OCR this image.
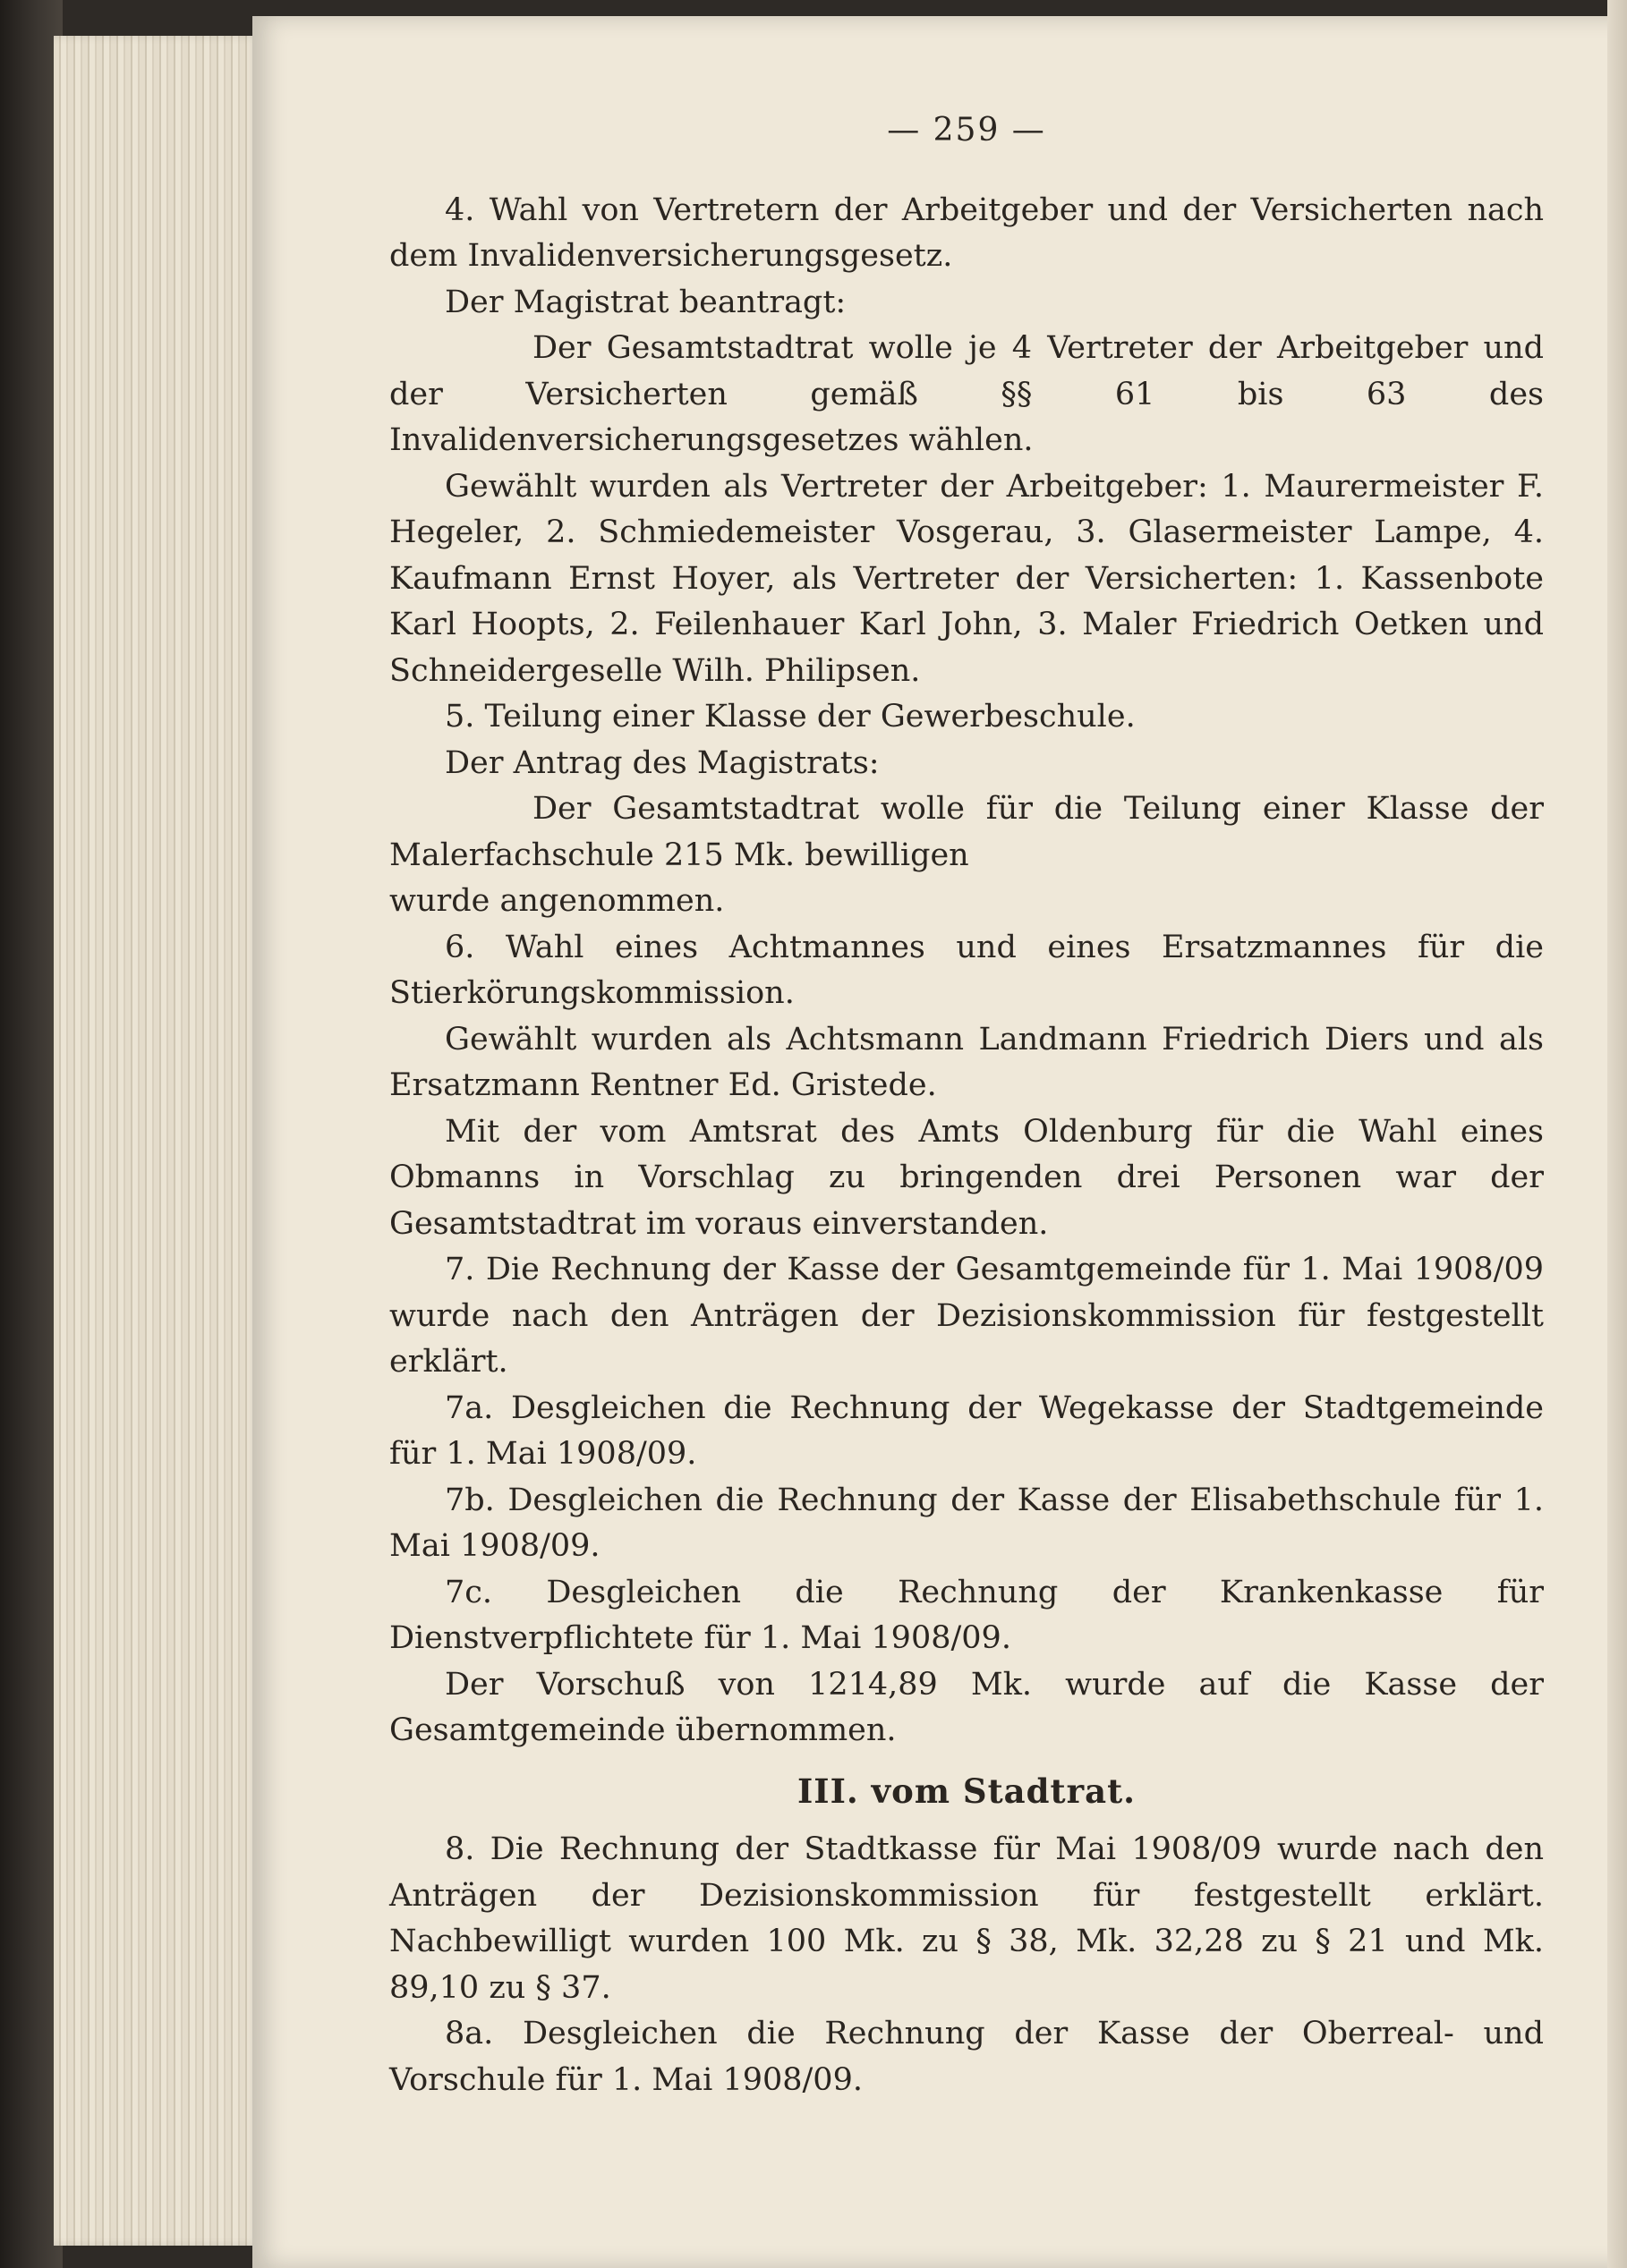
— 259 —

4. Wahl von Vertretern der Arbeitgeber und der Versicherten nach dem Invalidenversicherungsgesetz.

Der Magistrat beantragt:

Der Gesamtstadtrat wolle je 4 Vertreter der Arbeitgeber und der Versicherten gemäß §§ 61 bis 63 des Invalidenversicherungsgesetzes wählen.

Gewählt wurden als Vertreter der Arbeitgeber: 1. Maurermeister F. Hegeler, 2. Schmiedemeister Vosgerau, 3. Glasermeister Lampe, 4. Kaufmann Ernst Hoyer, als Vertreter der Versicherten: 1. Kassenbote Karl Hoopts, 2. Feilenhauer Karl John, 3. Maler Friedrich Oetken und Schneidergeselle Wilh. Philipsen.

5. Teilung einer Klasse der Gewerbeschule.

Der Antrag des Magistrats:

Der Gesamtstadtrat wolle für die Teilung einer Klasse der Malerfachschule 215 Mk. bewilligen

wurde angenommen.

6. Wahl eines Achtmannes und eines Ersatzmannes für die Stierkörungskommission.

Gewählt wurden als Achtsmann Landmann Friedrich Diers und als Ersatzmann Rentner Ed. Gristede.

Mit der vom Amtsrat des Amts Oldenburg für die Wahl eines Obmanns in Vorschlag zu bringenden drei Personen war der Gesamtstadtrat im voraus einverstanden.

7. Die Rechnung der Kasse der Gesamtgemeinde für 1. Mai 1908/09 wurde nach den Anträgen der Dezisionskommission für festgestellt erklärt.

7a. Desgleichen die Rechnung der Wegekasse der Stadtgemeinde für 1. Mai 1908/09.

7b. Desgleichen die Rechnung der Kasse der Elisabethschule für 1. Mai 1908/09.

7c. Desgleichen die Rechnung der Krankenkasse für Dienstverpflichtete für 1. Mai 1908/09.

Der Vorschuß von 1214,89 Mk. wurde auf die Kasse der Gesamtgemeinde übernommen.

III. vom Stadtrat.

8. Die Rechnung der Stadtkasse für Mai 1908/09 wurde nach den Anträgen der Dezisionskommission für festgestellt erklärt. Nachbewilligt wurden 100 Mk. zu § 38, Mk. 32,28 zu § 21 und Mk. 89,10 zu § 37.

8a. Desgleichen die Rechnung der Kasse der Oberreal- und Vorschule für 1. Mai 1908/09.
